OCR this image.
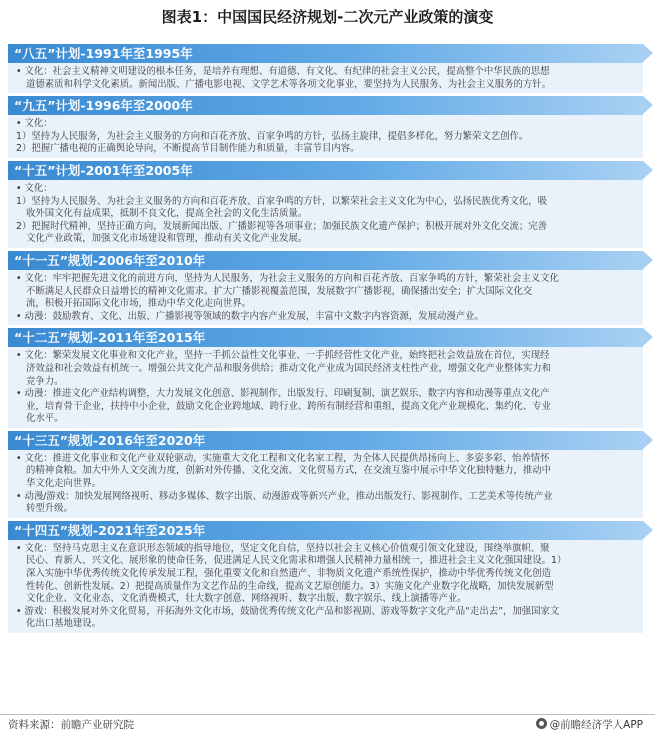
图表1：中国国民经济规划-二次元产业政策的演变
“八五”计划-1991年至1995年
• 文化：社会主义精神文明建设的根本任务，是培养有理想、有道德、有文化、有纪律的社会主义公民，提高整个中华民族的思想
道德素质和科学文化素质。新闻出版、广播电影电视、文学艺术等各项文化事业，要坚持为人民服务、为社会主义服务的方针。
“九五”计划-1996年至2000年
• 文化：
1）坚持为人民服务，为社会主义服务的方向和百花齐放、百家争鸣的方针，弘扬主旋律，提倡多样化，努力繁荣文艺创作。
2）把握广播电视的正确舆论导向，不断提高节目制作能力和质量，丰富节目内容。
“十五”计划-2001年至2005年
• 文化：
1）坚持为人民服务、为社会主义服务的方向和百花齐放、百家争鸣的方针，以繁荣社会主义文化为中心，弘扬民族优秀文化，吸
收外国文化有益成果，抵制不良文化，提高全社会的文化生活质量。
2）把握时代精神，坚持正确方向，发展新闻出版、广播影视等各项事业；加强民族文化遗产保护；积极开展对外文化交流；完善
文化产业政策，加强文化市场建设和管理，推动有关文化产业发展。
“十一五”规划-2006年至2010年
• 文化：牢牢把握先进文化的前进方向，坚持为人民服务，为社会主义服务的方向和百花齐放、百家争鸣的方针，繁荣社会主义文化
不断满足人民群众日益增长的精神文化需求。扩大广播影视覆盖范围，发展数字广播影视，确保播出安全；扩大国际文化交
流，积极开拓国际文化市场，推动中华文化走向世界。
• 动漫：鼓励教育、文化、出版、广播影视等领域的数字内容产业发展，丰富中文数字内容资源，发展动漫产业。
“十二五”规划-2011年至2015年
• 文化：繁荣发展文化事业和文化产业，坚持一手抓公益性文化事业、一手抓经营性文化产业，始终把社会效益放在首位，实现经
济效益和社会效益有机统一。增强公共文化产品和服务供给；推动文化产业成为国民经济支柱性产业，增强文化产业整体实力和
竞争力。
• 动漫：推进文化产业结构调整，大力发展文化创意、影视制作、出版发行、印刷复制、演艺娱乐、数字内容和动漫等重点文化产
业，培育骨干企业，扶持中小企业，鼓励文化企业跨地域、跨行业、跨所有制经营和重组，提高文化产业规模化、集约化、专业
化水平。
“十三五”规划-2016年至2020年
• 文化：推进文化事业和文化产业双轮驱动，实施重大文化工程和文化名家工程，为全体人民提供昂扬向上、多姿多彩、怡养情怀
的精神食粮。加大中外人文交流力度，创新对外传播、文化交流、文化贸易方式，在交流互鉴中展示中华文化独特魅力，推动中
华文化走向世界。
• 动漫/游戏：加快发展网络视听、移动多媒体、数字出版、动漫游戏等新兴产业，推动出版发行、影视制作、工艺美术等传统产业
转型升级。
“十四五”规划-2021年至2025年
• 文化：坚持马克思主义在意识形态领域的指导地位，坚定文化自信，坚持以社会主义核心价值观引领文化建设，围绕举旗帜、聚
民心、育新人、兴文化、展形象的使命任务，促进满足人民文化需求和增强人民精神力量相统一，推进社会主义文化强国建设。1）
深入实施中华优秀传统文化传承发展工程，强化重要文化和自然遗产、非物质文化遗产系统性保护，推动中华优秀传统文化创造
性转化、创新性发展。2）把提高质量作为文艺作品的生命线，提高文艺原创能力。3）实施文化产业数字化战略，加快发展新型
文化企业、文化业态、文化消费模式，壮大数字创意、网络视听、数字出版、数字娱乐、线上演播等产业。
• 游戏：积极发展对外文化贸易，开拓海外文化市场，鼓励优秀传统文化产品和影视剧、游戏等数字文化产品“走出去”，加强国家文
化出口基地建设。
资料来源：前瞻产业研究院	@前瞻经济学人APP
